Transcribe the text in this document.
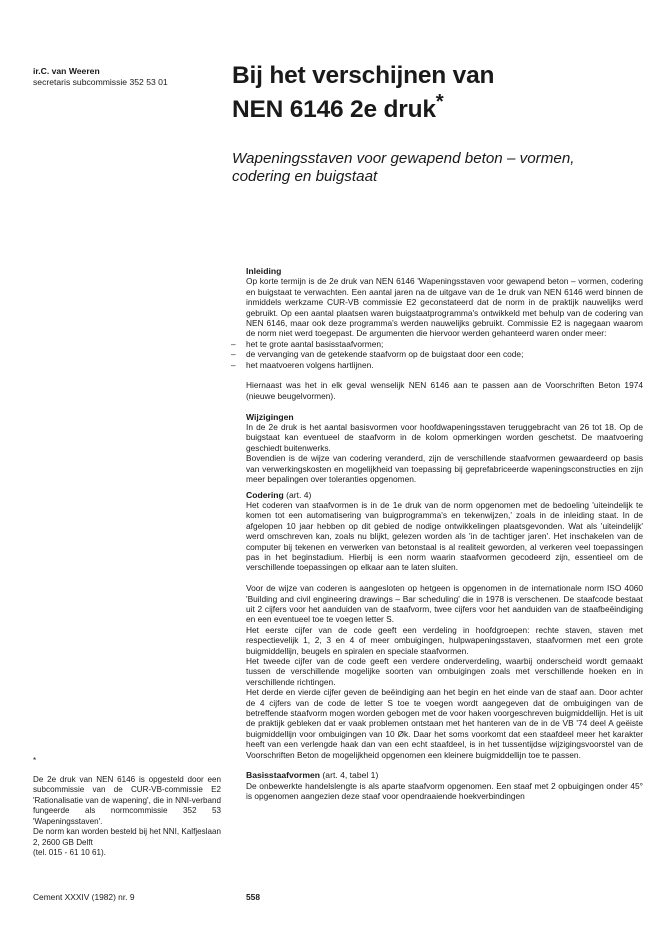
ir.C. van Weeren
secretaris subcommissie 352 53 01	Bij het verschijnen van
NEN 6146 2e druk*
Wapeningsstaven voor gewapend beton – vormen,
codering en buigstaat
Inleiding

Op korte termijn is de 2e druk van NEN 6146 'Wapeningsstaven voor gewapend beton – vormen, codering en buigstaat te verwachten. Een aantal jaren na de uitgave van de 1e druk van NEN 6146 werd binnen de inmiddels werkzame CUR-VB commissie E2 geconstateerd dat de norm in de praktijk nauwelijks werd gebruikt. Op een aantal plaatsen waren buigstaatprogramma's ontwikkeld met behulp van de codering van NEN 6146, maar ook deze programma's werden nauwelijks gebruikt. Commissie E2 is nagegaan waarom de norm niet werd toegepast. De argumenten die hiervoor werden gehanteerd waren onder meer:

– het te grote aantal basisstaafvormen;
– de vervanging van de getekende staafvorm op de buigstaat door een code;
– het maatvoeren volgens hartlijnen.

Hiernaast was het in elk geval wenselijk NEN 6146 aan te passen aan de Voorschriften Beton 1974 (nieuwe beugelvormen).

Wijzigingen

In de 2e druk is het aantal basisvormen voor hoofdwapeningsstaven teruggebracht van 26 tot 18. Op de buigstaat kan eventueel de staafvorm in de kolom opmerkingen worden geschetst. De maatvoering geschiedt buitenwerks.

Bovendien is de wijze van codering veranderd, zijn de verschillende staafvormen gewaardeerd op basis van verwerkingskosten en mogelijkheid van toepassing bij geprefabriceerde wapeningsconstructies en zijn meer bepalingen over toleranties opgenomen.

Codering (art. 4)

Het coderen van staafvormen is in de 1e druk van de norm opgenomen met de bedoeling 'uiteindelijk te komen tot een automatisering van buigprogramma's en tekenwijzen,' zoals in de inleiding staat. In de afgelopen 10 jaar hebben op dit gebied de nodige ontwikkelingen plaatsgevonden. Wat als 'uiteindelijk' werd omschreven kan, zoals nu blijkt, gelezen worden als 'in de tachtiger jaren'. Het inschakelen van de computer bij tekenen en verwerken van betonstaal is al realiteit geworden, al verkeren veel toepassingen pas in het beginstadium. Hierbij is een norm waarin staafvormen gecodeerd zijn, essentieel om de verschillende toepassingen op elkaar aan te laten sluiten.

Voor de wijze van coderen is aangesloten op hetgeen is opgenomen in de internationale norm ISO 4060 'Building and civil engineering drawings – Bar scheduling' die in 1978 is verschenen. De staafcode bestaat uit 2 cijfers voor het aanduiden van de staafvorm, twee cijfers voor het aanduiden van de staafbeëindiging en een eventueel toe te voegen letter S.

Het eerste cijfer van de code geeft een verdeling in hoofdgroepen: rechte staven, staven met respectievelijk 1, 2, 3 en 4 of meer ombuigingen, hulpwapeningsstaven, staafvormen met een grote buigmiddellijn, beugels en spiralen en speciale staafvormen.

Het tweede cijfer van de code geeft een verdere onderverdeling, waarbij onderscheid wordt gemaakt tussen de verschillende mogelijke soorten van ombuigingen zoals met verschillende hoeken en in verschillende richtingen.

Het derde en vierde cijfer geven de beëindiging aan het begin en het einde van de staaf aan. Door achter de 4 cijfers van de code de letter S toe te voegen wordt aangegeven dat de ombuigingen van de betreffende staafvorm mogen worden gebogen met de voor haken voorgeschreven buigmiddellijn. Het is uit de praktijk gebleken dat er vaak problemen ontstaan met het hanteren van de in de VB '74 deel A geëiste buigmiddellijn voor ombuigingen van 10 Øk. Daar het soms voorkomt dat een staafdeel meer het karakter heeft van een verlengde haak dan van een echt staafdeel, is in het tussentijdse wijzigingsvoorstel van de Voorschriften Beton de mogelijkheid opgenomen een kleinere buigmiddellijn toe te passen.

Basisstaafvormen (art. 4, tabel 1)

De onbewerkte handelslengte is als aparte staafvorm opgenomen. Een staaf met 2 opbuigingen onder 45° is opgenomen aangezien deze staaf voor opendraaiende hoekverbindingen

*
De 2e druk van NEN 6146 is opgesteld door een subcommissie van de CUR-VB-commissie E2 'Rationalisatie van de wapening', die in NNI-verband fungeerde als normcommissie 352 53 'Wapeningsstaven'.
De norm kan worden besteld bij het NNI, Kalfjeslaan 2, 2600 GB Delft
(tel. 015 - 61 10 61).
Cement XXXIV (1982) nr. 9	558
